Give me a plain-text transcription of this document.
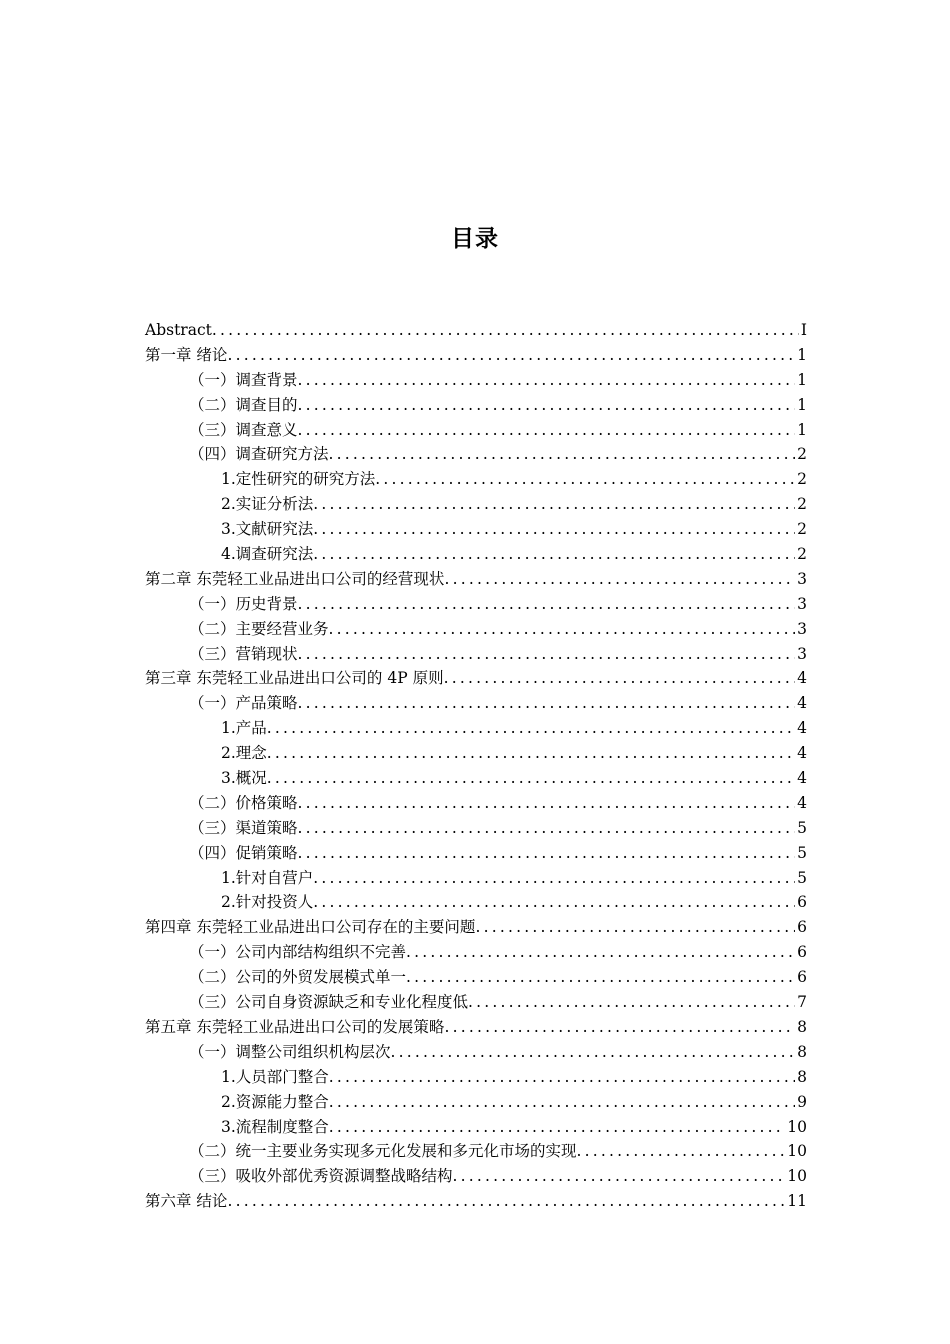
目录
Abstract .....	I
第一章 绪论 .....	1
（一）调查背景 .....	1
（二）调查目的 .....	1
（三）调查意义 .....	1
（四）调查研究方法 .....	2
1.定性研究的研究方法 .....	2
2.实证分析法 .....	2
3.文献研究法 .....	2
4.调查研究法 .....	2
第二章 东莞轻工业品进出口公司的经营现状 .....	3
（一）历史背景 .....	3
（二）主要经营业务 .....	3
（三）营销现状 .....	3
第三章 东莞轻工业品进出口公司的 4P 原则 .....	4
（一）产品策略 .....	4
1.产品 .....	4
2.理念 .....	4
3.概况 .....	4
（二）价格策略 .....	4
（三）渠道策略 .....	5
（四）促销策略 .....	5
1.针对自营户 .....	5
2.针对投资人 .....	6
第四章 东莞轻工业品进出口公司存在的主要问题 .....	6
（一）公司内部结构组织不完善 .....	6
（二）公司的外贸发展模式单一 .....	6
（三）公司自身资源缺乏和专业化程度低 .....	7
第五章 东莞轻工业品进出口公司的发展策略 .....	8
（一）调整公司组织机构层次 .....	8
1.人员部门整合 .....	8
2.资源能力整合 .....	9
3.流程制度整合 .....	10
（二）统一主要业务实现多元化发展和多元化市场的实现 .....	10
（三）吸收外部优秀资源调整战略结构 .....	10
第六章 结论 .....	11
